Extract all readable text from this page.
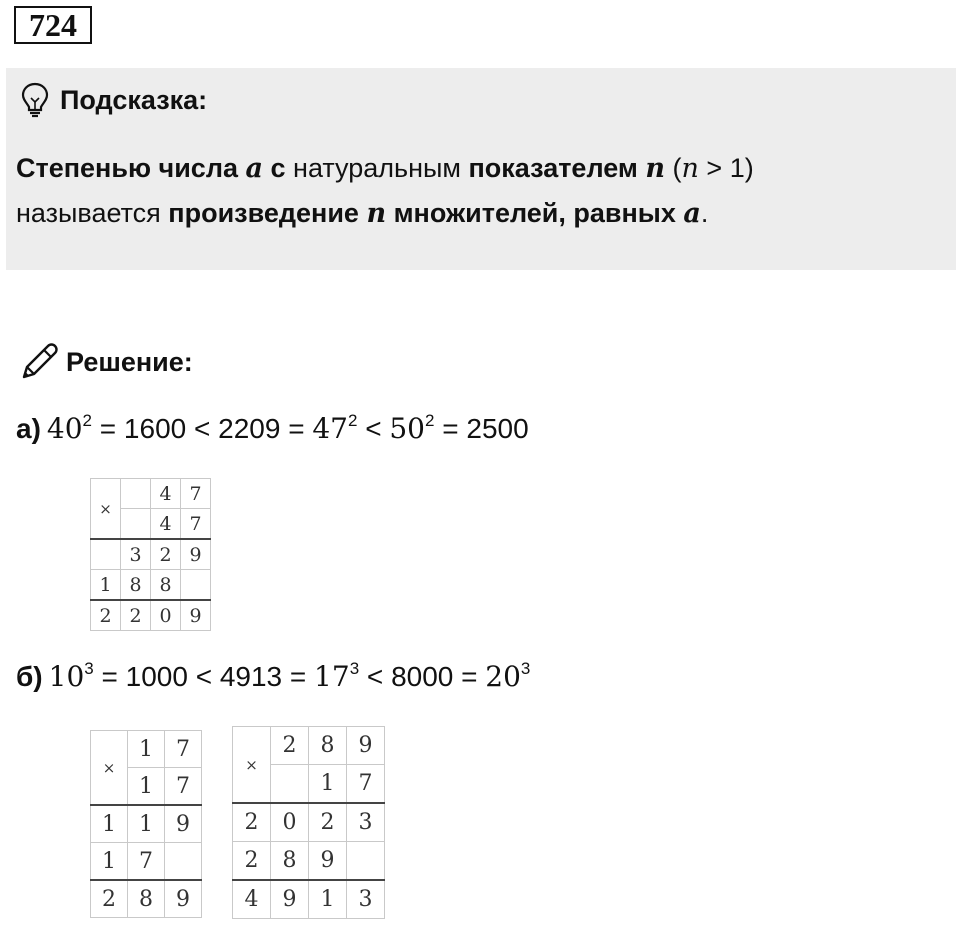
724
Подсказка:
Степенью числа a с натуральным показателем n (n > 1)
называется произведение n множителей, равных a.
Решение:
а) $40^2 = 1600 < 2209 = 47^2 < 50^2 = 2500$
×		4	7
		4	7
	3	2	9
1	8	8	
2	2	0	9
б) $10^3 = 1000 < 4913 = 17^3 < 8000 = 20^3$
×	1	7
	1	7
1	1	9
1	7	
2	8	9
×	2	8	9
		1	7
2	0	2	3
2	8	9	
4	9	1	3
